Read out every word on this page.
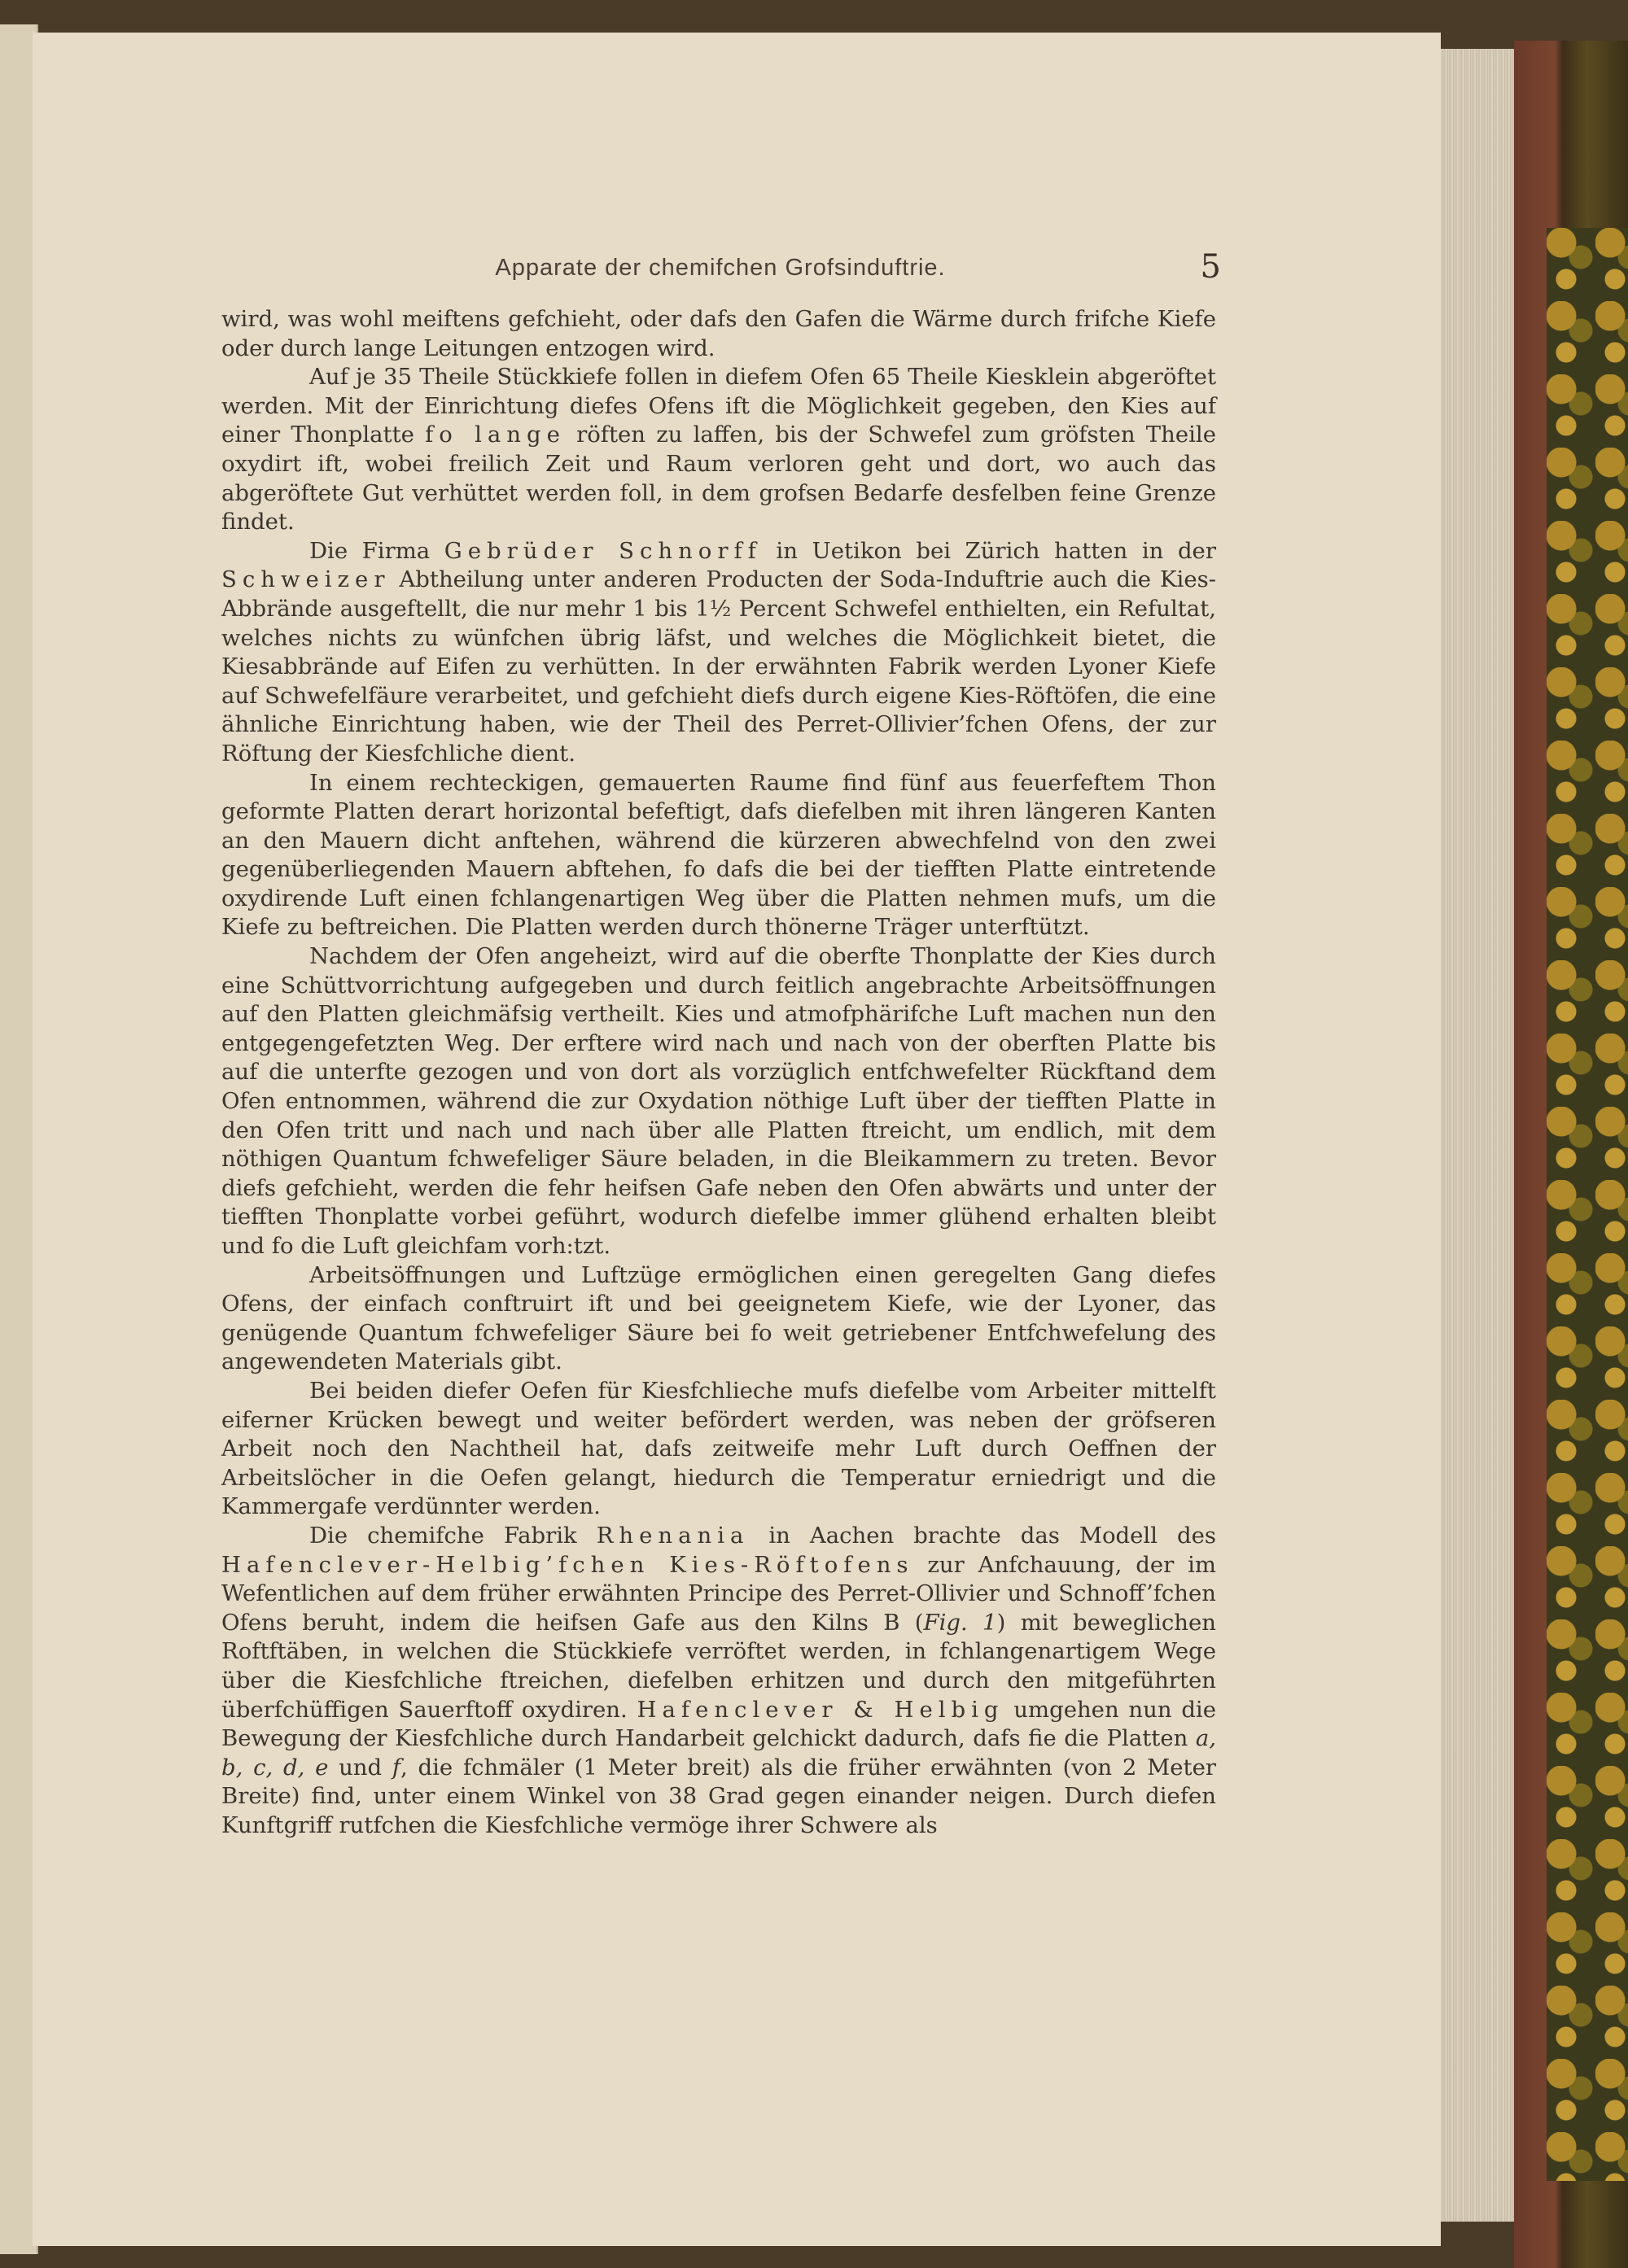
Apparate der chemifchen Grofsinduftrie.	5

wird, was wohl meiftens gefchieht, oder dafs den Gafen die Wärme durch frifche Kiefe oder durch lange Leitungen entzogen wird.

Auf je 35 Theile Stückkiefe follen in diefem Ofen 65 Theile Kiesklein abgeröftet werden. Mit der Einrichtung diefes Ofens ift die Möglichkeit gegeben, den Kies auf einer Thonplatte fo lange röften zu laffen, bis der Schwefel zum gröfsten Theile oxydirt ift, wobei freilich Zeit und Raum verloren geht und dort, wo auch das abgeröftete Gut verhüttet werden foll, in dem grofsen Bedarfe desfelben feine Grenze findet.

Die Firma Gebrüder Schnorff in Uetikon bei Zürich hatten in der Schweizer Abtheilung unter anderen Producten der Soda-Induftrie auch die Kies-Abbrände ausgeftellt, die nur mehr 1 bis 1½ Percent Schwefel enthielten, ein Refultat, welches nichts zu wünfchen übrig läfst, und welches die Möglichkeit bietet, die Kiesabbrände auf Eifen zu verhütten. In der erwähnten Fabrik werden Lyoner Kiefe auf Schwefelfäure verarbeitet, und gefchieht diefs durch eigene Kies-Röftöfen, die eine ähnliche Einrichtung haben, wie der Theil des Perret-Ollivier’fchen Ofens, der zur Röftung der Kiesfchliche dient.

In einem rechteckigen, gemauerten Raume find fünf aus feuerfeftem Thon geformte Platten derart horizontal befeftigt, dafs diefelben mit ihren längeren Kanten an den Mauern dicht anftehen, während die kürzeren abwechfelnd von den zwei gegenüberliegenden Mauern abftehen, fo dafs die bei der tiefften Platte eintretende oxydirende Luft einen fchlangenartigen Weg über die Platten nehmen mufs, um die Kiefe zu beftreichen. Die Platten werden durch thönerne Träger unterftützt.

Nachdem der Ofen angeheizt, wird auf die oberfte Thonplatte der Kies durch eine Schüttvorrichtung aufgegeben und durch feitlich angebrachte Arbeitsöffnungen auf den Platten gleichmäfsig vertheilt. Kies und atmofphärifche Luft machen nun den entgegengefetzten Weg. Der erftere wird nach und nach von der oberften Platte bis auf die unterfte gezogen und von dort als vorzüglich entfchwefelter Rückftand dem Ofen entnommen, während die zur Oxydation nöthige Luft über der tiefften Platte in den Ofen tritt und nach und nach über alle Platten ftreicht, um endlich, mit dem nöthigen Quantum fchwefeliger Säure beladen, in die Bleikammern zu treten. Bevor diefs gefchieht, werden die fehr heifsen Gafe neben den Ofen abwärts und unter der tiefften Thonplatte vorbei geführt, wodurch diefelbe immer glühend erhalten bleibt und fo die Luft gleichfam vorh:tzt.

Arbeitsöffnungen und Luftzüge ermöglichen einen geregelten Gang diefes Ofens, der einfach conftruirt ift und bei geeignetem Kiefe, wie der Lyoner, das genügende Quantum fchwefeliger Säure bei fo weit getriebener Entfchwefelung des angewendeten Materials gibt.

Bei beiden diefer Oefen für Kiesfchlieche mufs diefelbe vom Arbeiter mittelft eiferner Krücken bewegt und weiter befördert werden, was neben der gröfseren Arbeit noch den Nachtheil hat, dafs zeitweife mehr Luft durch Oeffnen der Arbeitslöcher in die Oefen gelangt, hiedurch die Temperatur erniedrigt und die Kammergafe verdünnter werden.

Die chemifche Fabrik Rhenania in Aachen brachte das Modell des Hafenclever-Helbig’fchen Kies-Röftofens zur Anfchauung, der im Wefentlichen auf dem früher erwähnten Principe des Perret-Ollivier und Schnoff’fchen Ofens beruht, indem die heifsen Gafe aus den Kilns B (Fig. 1) mit beweglichen Roftftäben, in welchen die Stückkiefe verröftet werden, in fchlangenartigem Wege über die Kiesfchliche ftreichen, diefelben erhitzen und durch den mitgeführten überfchüffigen Sauerftoff oxydiren. Hafenclever & Helbig umgehen nun die Bewegung der Kiesfchliche durch Handarbeit gelchickt dadurch, dafs fie die Platten a, b, c, d, e und f, die fchmäler (1 Meter breit) als die früher erwähnten (von 2 Meter Breite) find, unter einem Winkel von 38 Grad gegen einander neigen. Durch diefen Kunftgriff rutfchen die Kiesfchliche vermöge ihrer Schwere als
